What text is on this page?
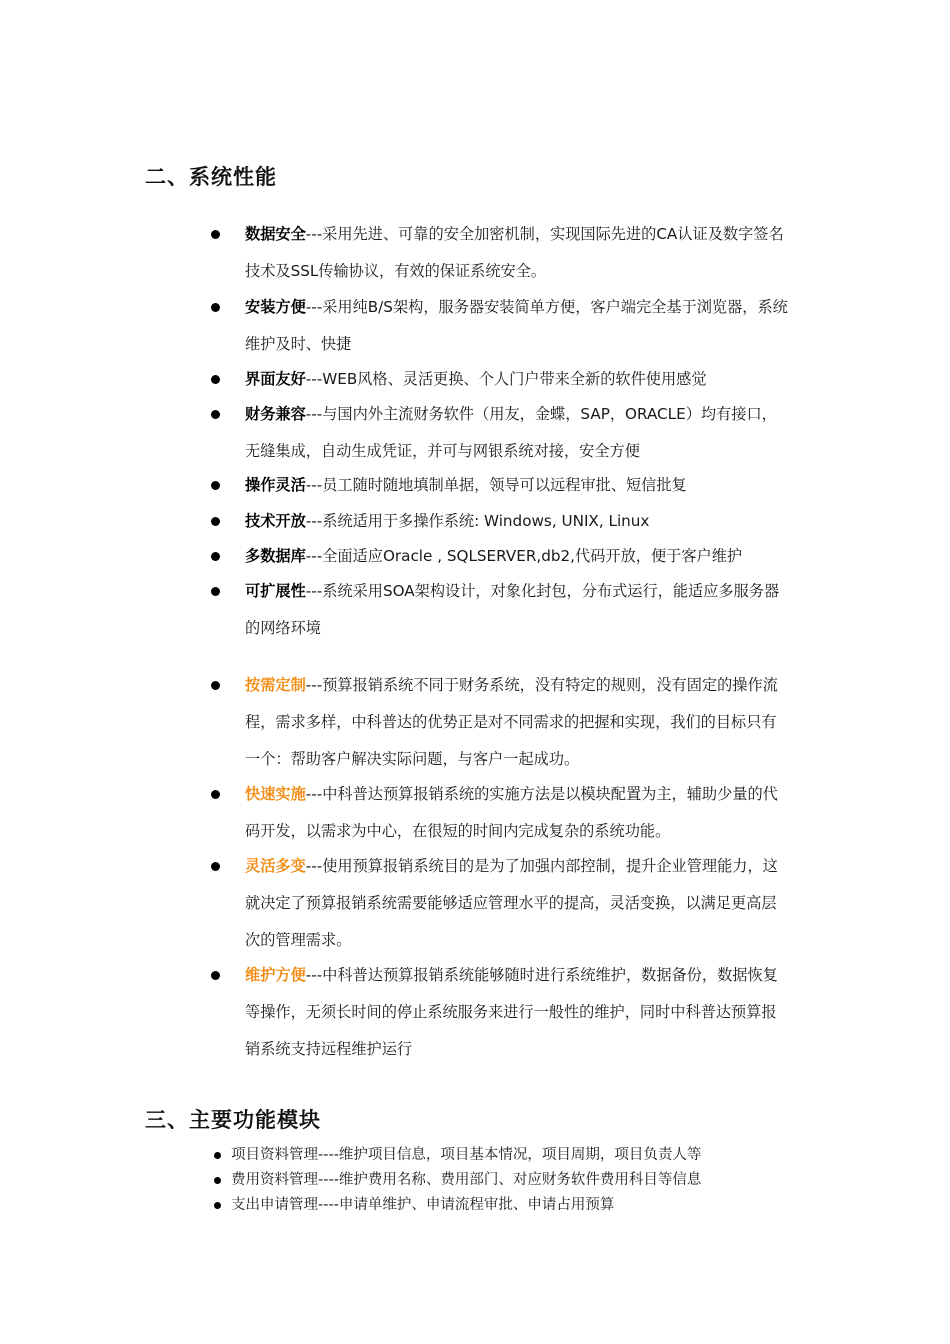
二、系统性能
数据安全---采用先进、可靠的安全加密机制，实现国际先进的CA认证及数字签名技术及SSL传输协议，有效的保证系统安全。
安装方便---采用纯B/S架构，服务器安装简单方便，客户端完全基于浏览器，系统维护及时、快捷
界面友好---WEB风格、灵活更换、个人门户带来全新的软件使用感觉
财务兼容---与国内外主流财务软件（用友，金蝶，SAP，ORACLE）均有接口，无缝集成，自动生成凭证，并可与网银系统对接，安全方便
操作灵活---员工随时随地填制单据，领导可以远程审批、短信批复
技术开放---系统适用于多操作系统: Windows, UNIX, Linux
多数据库---全面适应Oracle , SQLSERVER,db2,代码开放，便于客户维护
可扩展性---系统采用SOA架构设计，对象化封包，分布式运行，能适应多服务器的网络环境
按需定制---预算报销系统不同于财务系统，没有特定的规则，没有固定的操作流程，需求多样，中科普达的优势正是对不同需求的把握和实现，我们的目标只有一个：帮助客户解决实际问题，与客户一起成功。
快速实施---中科普达预算报销系统的实施方法是以模块配置为主，辅助少量的代码开发，以需求为中心，在很短的时间内完成复杂的系统功能。
灵活多变---使用预算报销系统目的是为了加强内部控制，提升企业管理能力，这就决定了预算报销系统需要能够适应管理水平的提高，灵活变换，以满足更高层次的管理需求。
维护方便---中科普达预算报销系统能够随时进行系统维护，数据备份，数据恢复等操作，无须长时间的停止系统服务来进行一般性的维护，同时中科普达预算报销系统支持远程维护运行
三、主要功能模块
项目资料管理----维护项目信息，项目基本情况，项目周期，项目负责人等
费用资料管理----维护费用名称、费用部门、对应财务软件费用科目等信息
支出申请管理----申请单维护、申请流程审批、申请占用预算
